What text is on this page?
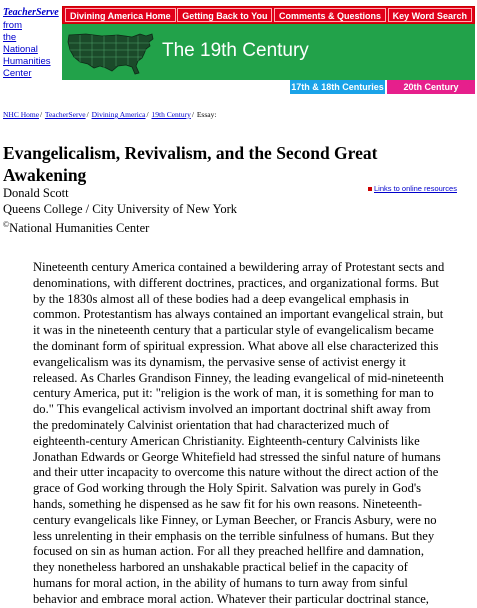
TeacherServe
from
the
National
Humanities
Center
Divining America Home	Getting Back to You	Comments & Questions	Key Word Search
The 19th Century
17th & 18th Centuries	20th Century
NHC Home/ TeacherServe/ Divining America/ 19th Century/ Essay:
Evangelicalism, Revivalism, and the Second Great Awakening
Donald Scott
Queens College / City University of New York
©National Humanities Center
Links to online resources

Nineteenth century America contained a bewildering array of Protestant sects and denominations, with different doctrines, practices, and organizational forms. But by the 1830s almost all of these bodies had a deep evangelical emphasis in common. Protestantism has always contained an important evangelical strain, but it was in the nineteenth century that a particular style of evangelicalism became the dominant form of spiritual expression. What above all else characterized this evangelicalism was its dynamism, the pervasive sense of activist energy it released. As Charles Grandison Finney, the leading evangelical of mid-nineteenth century America, put it: "religion is the work of man, it is something for man to do." This evangelical activism involved an important doctrinal shift away from the predominately Calvinist orientation that had characterized much of eighteenth-century American Christianity. Eighteenth-century Calvinists like Jonathan Edwards or George Whitefield had stressed the sinful nature of humans and their utter incapacity to overcome this nature without the direct action of the grace of God working through the Holy Spirit. Salvation was purely in God's hands, something he dispensed as he saw fit for his own reasons. Nineteenth-century evangelicals like Finney, or Lyman Beecher, or Francis Asbury, were no less unrelenting in their emphasis on the terrible sinfulness of humans. But they focused on sin as human action. For all they preached hellfire and damnation, they nonetheless harbored an unshakable practical belief in the capacity of humans for moral action, in the ability of humans to turn away from sinful behavior and embrace moral action. Whatever their particular doctrinal stance,
